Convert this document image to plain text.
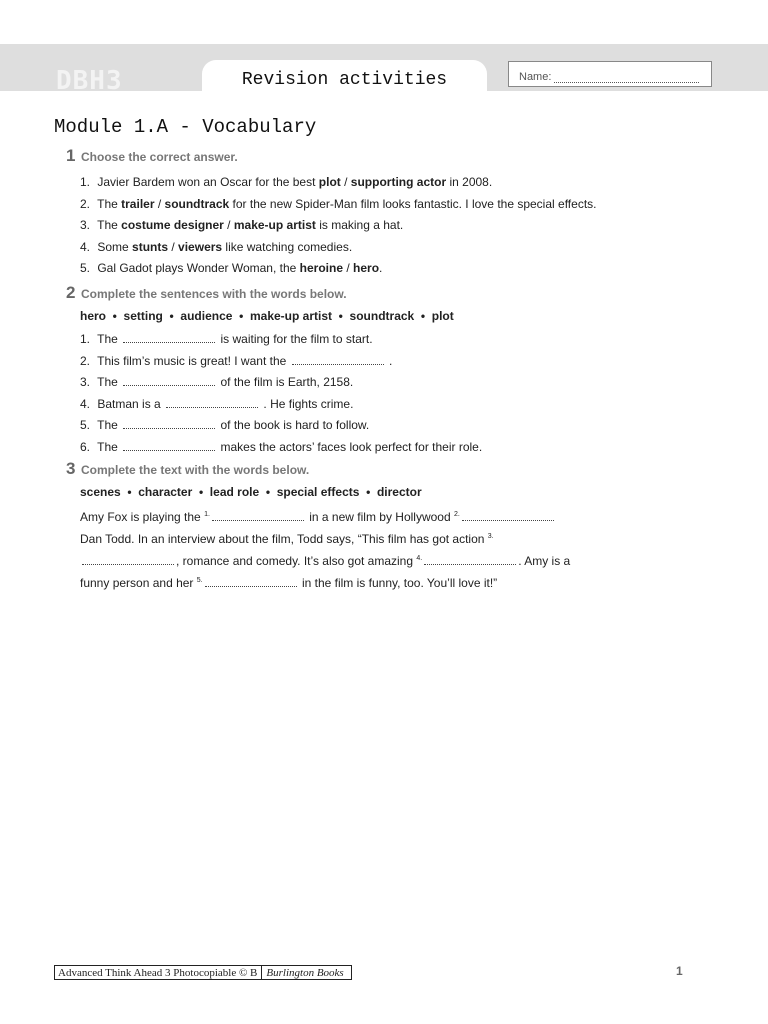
DBH3	Revision activities	Name:
Module 1.A - Vocabulary
1 Choose the correct answer.
1. Javier Bardem won an Oscar for the best plot / supporting actor in 2008.
2. The trailer / soundtrack for the new Spider-Man film looks fantastic. I love the special effects.
3. The costume designer / make-up artist is making a hat.
4. Some stunts / viewers like watching comedies.
5. Gal Gadot plays Wonder Woman, the heroine / hero.
2 Complete the sentences with the words below.
hero  •  setting  •  audience  •  make-up artist  •  soundtrack  •  plot
1. The	is waiting for the film to start.
2. This film’s music is great! I want the	.
3. The	of the film is Earth, 2158.
4. Batman is a	. He fights crime.
5. The	of the book is hard to follow.
6. The	makes the actors’ faces look perfect for their role.
3 Complete the text with the words below.
scenes  •  character  •  lead role  •  special effects  •  director
Amy Fox is playing the $^{1.}$	in a new film by Hollywood $^{2.}$ Dan Todd. In an interview about the film, Todd says, “This film has got action $^{3.}$, romance and comedy. It’s also got amazing $^{4.}$	. Amy is a funny person and her $^{5.}$	in the film is funny, too. You’ll love it!”
Advanced Think Ahead 3 Photocopiable © B Burlington Books	1
